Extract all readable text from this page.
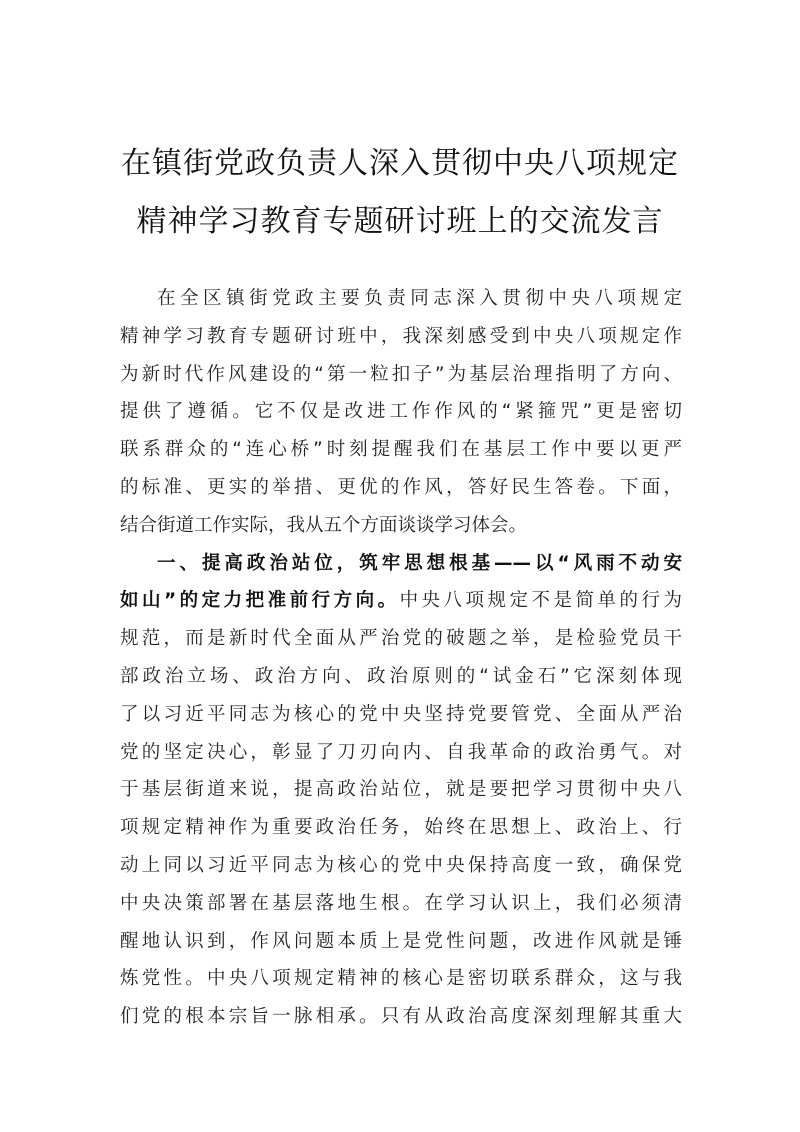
在镇街党政负责人深入贯彻中央八项规定
精神学习教育专题研讨班上的交流发言
在全区镇街党政主要负责同志深入贯彻中央八项规定
精神学习教育专题研讨班中，我深刻感受到中央八项规定作
为新时代作风建设的“第一粒扣子”为基层治理指明了方向、
提供了遵循。它不仅是改进工作作风的“紧箍咒”更是密切
联系群众的“连心桥”时刻提醒我们在基层工作中要以更严
的标准、更实的举措、更优的作风，答好民生答卷。下面，
结合街道工作实际，我从五个方面谈谈学习体会。
一、提高政治站位，筑牢思想根基——以“风雨不动安
如山”的定力把准前行方向。中央八项规定不是简单的行为
规范，而是新时代全面从严治党的破题之举，是检验党员干
部政治立场、政治方向、政治原则的“试金石”它深刻体现
了以习近平同志为核心的党中央坚持党要管党、全面从严治
党的坚定决心，彰显了刀刃向内、自我革命的政治勇气。对
于基层街道来说，提高政治站位，就是要把学习贯彻中央八
项规定精神作为重要政治任务，始终在思想上、政治上、行
动上同以习近平同志为核心的党中央保持高度一致，确保党
中央决策部署在基层落地生根。在学习认识上，我们必须清
醒地认识到，作风问题本质上是党性问题，改进作风就是锤
炼党性。中央八项规定精神的核心是密切联系群众，这与我
们党的根本宗旨一脉相承。只有从政治高度深刻理解其重大
